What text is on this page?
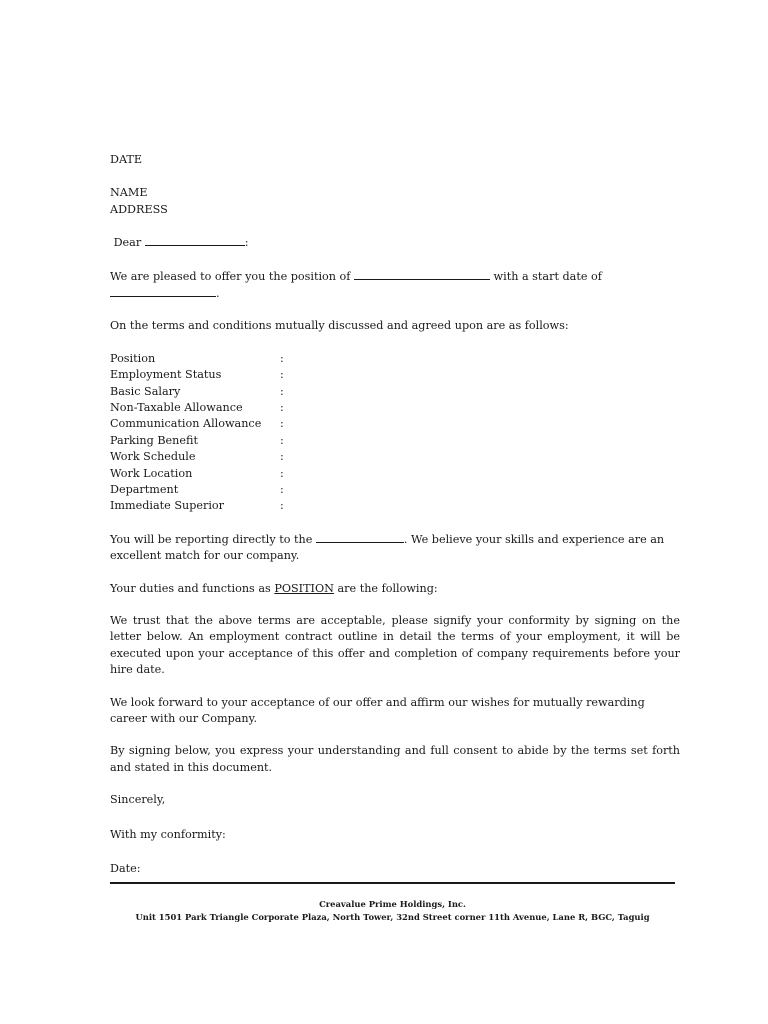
DATE

NAME

ADDRESS

Dear	:

We are pleased to offer you the position of	with a start date of

.

On the terms and conditions mutually discussed and agreed upon are as follows:

Position	:
Employment Status	:
Basic Salary	:
Non-Taxable Allowance	:
Communication Allowance	:
Parking Benefit	:
Work Schedule	:
Work Location	:
Department	:
Immediate Superior	:

You will be reporting directly to the	. We believe your skills and experience are an excellent match for our company.

Your duties and functions as POSITION are the following:

We trust that the above terms are acceptable, please signify your conformity by signing on the letter below. An employment contract outline in detail the terms of your employment, it will be executed upon your acceptance of this offer and completion of company requirements before your hire date.

We look forward to your acceptance of our offer and affirm our wishes for mutually rewarding career with our Company.

By signing below, you express your understanding and full consent to abide by the terms set forth and stated in this document.

Sincerely,

With my conformity:

Date:

Creavalue Prime Holdings, Inc.
Unit 1501 Park Triangle Corporate Plaza, North Tower, 32nd Street corner 11th Avenue, Lane R, BGC, Taguig
